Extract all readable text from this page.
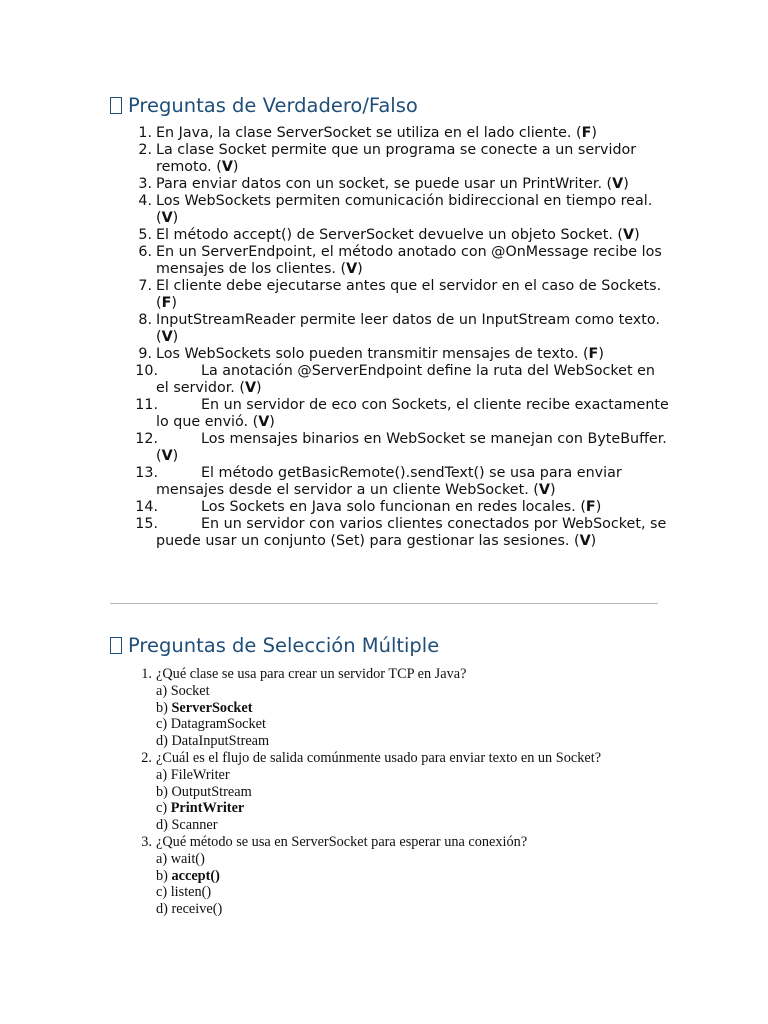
Preguntas de Verdadero/Falso
1. En Java, la clase ServerSocket se utiliza en el lado cliente. (F)
2. La clase Socket permite que un programa se conecte a un servidor remoto. (V)
3. Para enviar datos con un socket, se puede usar un PrintWriter. (V)
4. Los WebSockets permiten comunicación bidireccional en tiempo real. (V)
5. El método accept() de ServerSocket devuelve un objeto Socket. (V)
6. En un ServerEndpoint, el método anotado con @OnMessage recibe los mensajes de los clientes. (V)
7. El cliente debe ejecutarse antes que el servidor en el caso de Sockets. (F)
8. InputStreamReader permite leer datos de un InputStream como texto. (V)
9. Los WebSockets solo pueden transmitir mensajes de texto. (F)
10.	La anotación @ServerEndpoint define la ruta del WebSocket en el servidor. (V)
11.	En un servidor de eco con Sockets, el cliente recibe exactamente lo que envió. (V)
12.	Los mensajes binarios en WebSocket se manejan con ByteBuffer. (V)
13.	El método getBasicRemote().sendText() se usa para enviar mensajes desde el servidor a un cliente WebSocket. (V)
14.	Los Sockets en Java solo funcionan en redes locales. (F)
15.	En un servidor con varios clientes conectados por WebSocket, se puede usar un conjunto (Set) para gestionar las sesiones. (V)
Preguntas de Selección Múltiple
1. ¿Qué clase se usa para crear un servidor TCP en Java?
a) Socket
b) ServerSocket
c) DatagramSocket
d) DataInputStream
2. ¿Cuál es el flujo de salida comúnmente usado para enviar texto en un Socket?
a) FileWriter
b) OutputStream
c) PrintWriter
d) Scanner
3. ¿Qué método se usa en ServerSocket para esperar una conexión?
a) wait()
b) accept()
c) listen()
d) receive()
